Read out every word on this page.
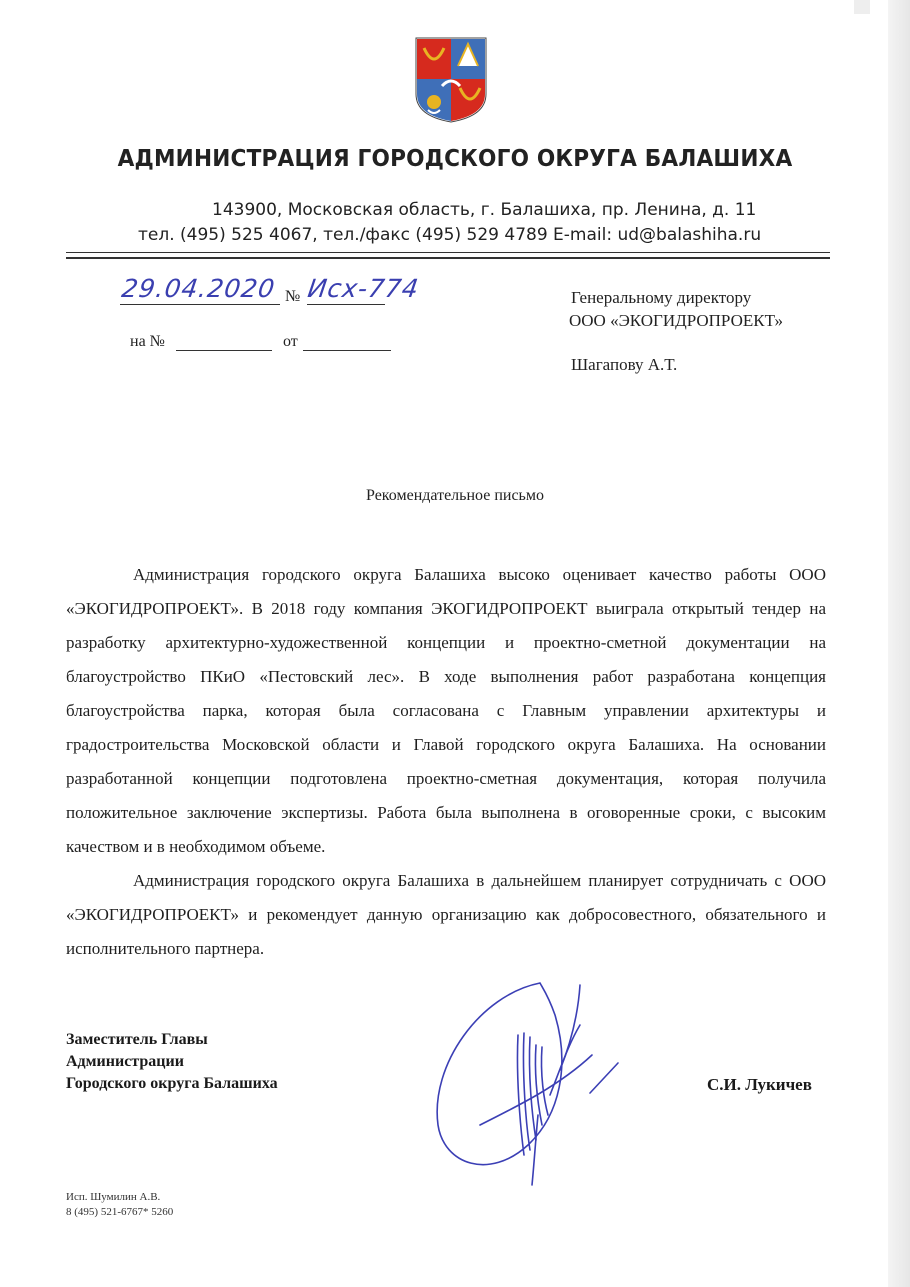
АДМИНИСТРАЦИЯ ГОРОДСКОГО ОКРУГА БАЛАШИХА
143900, Московская область, г. Балашиха, пр. Ленина, д. 11
тел. (495) 525 4067, тел./факс (495) 529 4789 E-mail: ud@balashiha.ru
29.04.2020 № Исх-774
на №	от
Генеральному директору
ООО «ЭКОГИДРОПРОЕКТ»
Шагапову А.Т.
Рекомендательное письмо

Администрация городского округа Балашиха высоко оценивает качество работы ООО «ЭКОГИДРОПРОЕКТ». В 2018 году компания ЭКОГИДРОПРОЕКТ выиграла открытый тендер на разработку архитектурно-художественной концепции и проектно-сметной документации на благоустройство ПКиО «Пестовский лес». В ходе выполнения работ разработана концепция благоустройства парка, которая была согласована с Главным управлении архитектуры и градостроительства Московской области и Главой городского округа Балашиха. На основании разработанной концепции подготовлена проектно-сметная документация, которая получила положительное заключение экспертизы. Работа была выполнена в оговоренные сроки, с высоким качеством и в необходимом объеме.

Администрация городского округа Балашиха в дальнейшем планирует сотрудничать с ООО «ЭКОГИДРОПРОЕКТ» и рекомендует данную организацию как добросовестного, обязательного и исполнительного партнера.

Заместитель Главы
Администрации
Городского округа Балашиха	С.И. Лукичев
Исп. Шумилин А.В.
8 (495) 521-6767* 5260
